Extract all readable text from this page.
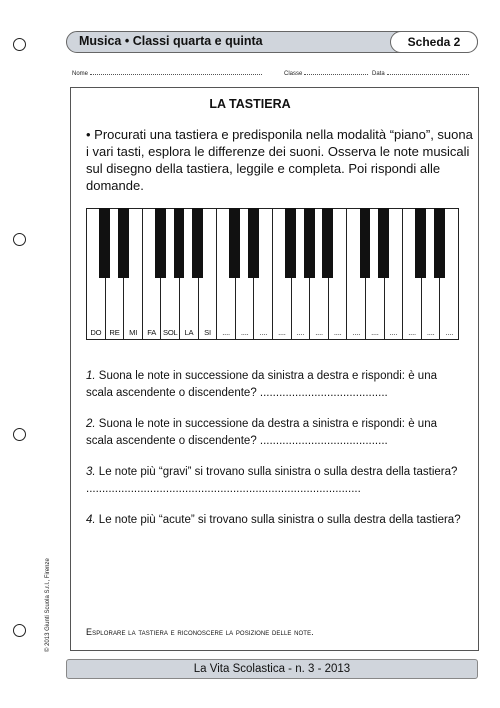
Musica • Classi quarta e quinta	Scheda 2
Nome	Classe	Data
LA TASTIERA

• Procurati una tastiera e predisponila nella modalità “piano”, suona i vari tasti, esplora le differenze dei suoni. Osserva le note musicali sul disegno della tastiera, leggile e completa. Poi rispondi alle domande.

DO	RE	MI	FA SOL LA	SI	....	....	....	....	....	....	....	....	....	....	....	....	....

1. Suona le note in successione da sinistra a destra e rispondi: è una scala ascendente o discendente? ........................................

2. Suona le note in successione da destra a sinistra e rispondi: è una scala ascendente o discendente? ........................................

3. Le note più “gravi” si trovano sulla sinistra o sulla destra della tastiera? ......................................................................................

4. Le note più “acute” si trovano sulla sinistra o sulla destra della tastiera?

Esplorare la tastiera e riconoscere la posizione delle note.
© 2013 Giunti Scuola S.r.l., Firenze
La Vita Scolastica - n. 3 - 2013
